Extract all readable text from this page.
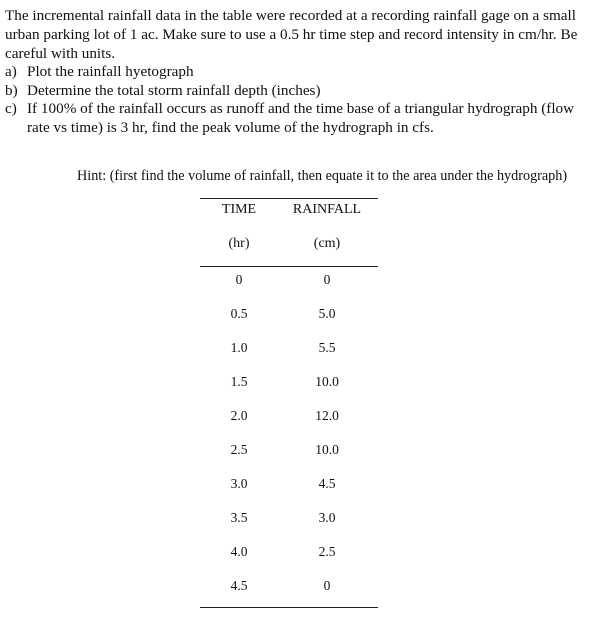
The incremental rainfall data in the table were recorded at a recording rainfall gage on a small urban parking lot of 1 ac. Make sure to use a 0.5 hr time step and record intensity in cm/hr. Be careful with units.
a) Plot the rainfall hyetograph
b) Determine the total storm rainfall depth (inches)
c) If 100% of the rainfall occurs as runoff and the time base of a triangular hydrograph (flow rate vs time) is 3 hr, find the peak volume of the hydrograph in cfs.
Hint: (first find the volume of rainfall, then equate it to the area under the hydrograph)
TIME	RAINFALL
(hr)	(cm)
0	0
0.5	5.0
1.0	5.5
1.5	10.0
2.0	12.0
2.5	10.0
3.0	4.5
3.5	3.0
4.0	2.5
4.5	0
